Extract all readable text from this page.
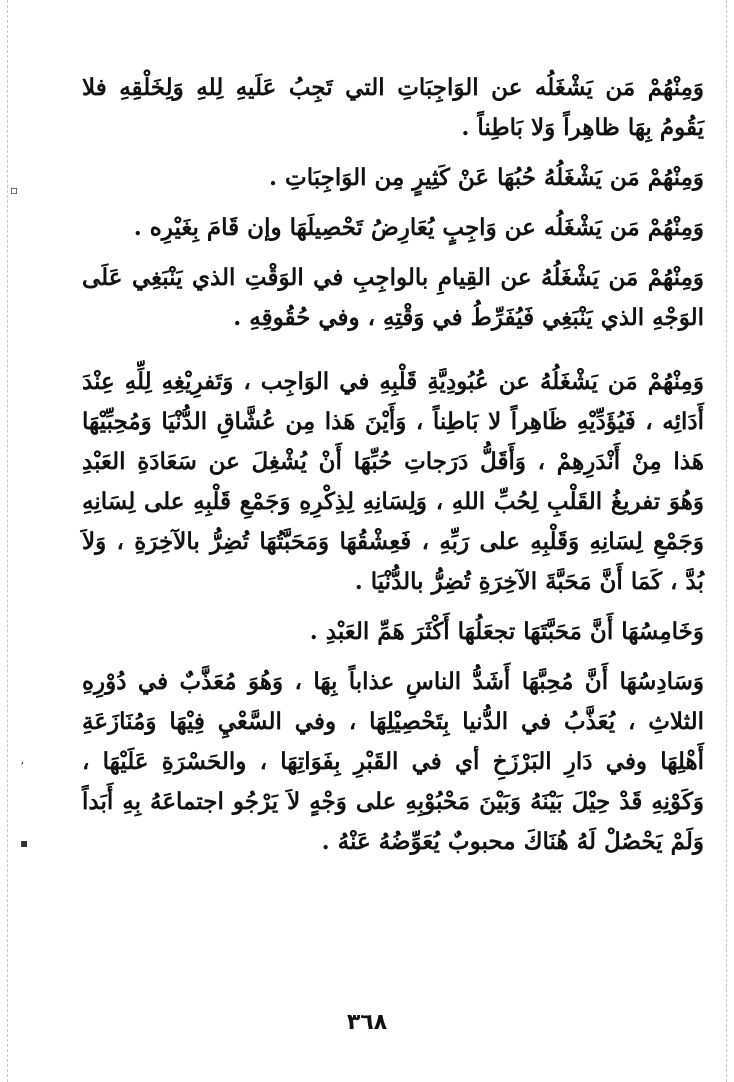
▫
ʼ
▪

وَمِنْهُمْ مَن يَشْغَلُه عن الوَاجِبَاتِ التي تَجِبُ عَلَيهِ لِلهِ وَلِخَلْقِهِ فلا يَقُومُ بِهَا ظاهِراً وَلا بَاطِناً .

وَمِنْهُمْ مَن يَشْغَلُهُ حُبُهَا عَنْ كَثِيرٍ مِن الوَاجِبَاتِ .

وَمِنْهُمْ مَن يَشْغَلُه عن وَاجِبٍ يُعَارِضُ تَحْصِيلَهَا وإن قَامَ بِغَيْرِه .

وَمِنْهُمْ مَن يَشْغَلُهُ عن القِيامِ بالواجِبِ في الوَقْتِ الذي يَنْبَغِي عَلَى الوَجْهِ الذي يَنْبَغِي فَيُفَرِّطُ في وَقْتِهِ ، وفي حُقُوقِهِ .

وَمِنْهُمْ مَن يَشْغَلُهُ عن عُبُودِيَّةِ قَلْبِهِ في الوَاجِب ، وَتَفرِيْغِهِ لِلِّهِ عِنْدَ أَدَائِه ، فَيُؤَدِّيْهِ ظَاهِراً لا بَاطِناً ، وَأَيْنَ هَذا مِن عُشَّاقِ الدُّنْيَا وَمُحِبِّيْهَا هَذا مِنْ أَنْدَرِهِمْ ، وَأَقَلُّ دَرَجاتِ حُبِّهَا أَنْ يُشْغِلَ عن سَعَادَةِ العَبْدِ وَهُوَ تفريغُ القَلْبِ لِحُبِّ اللهِ ، وَلِسَانِهِ لِذِكْرِهِ وَجَمْعِ قَلْبِهِ على لِسَانِهِ وَجَمْعِ لِسَانِهِ وَقَلْبِهِ على رَبِّهِ ، فَعِشْقُهَا وَمَحَبَّتُهَا تُضِرُّ بالآخِرَةِ ، وَلاَ بُدَّ ، كَمَا أَنَّ مَحَبَّةَ الآخِرَةِ تُضِرُّ بالدُّنْيَا .

وَخَامِسُهَا أَنَّ مَحَبَّتَهَا تجعَلُهَا أَكْثَرَ هَمِّ العَبْدِ .

وَسَادِسُهَا أَنَّ مُحِبَّهَا أَشَدُّ الناسِ عذاباً بِهَا ، وَهُوَ مُعَذَّبٌ في دُوْرِهِ الثلاثِ ، يُعَذَّبُ في الدُّنيا بِتَحْصِيْلِهَا ، وفي السَّعْيِ فِيْهَا وَمُنَازَعَةِ أَهْلِهَا وفي دَارِ البَرْزَخِ أي في القَبْرِ بِفَوَاتِهَا ، والحَسْرَةِ عَلَيْهَا ، وَكَوْنِهِ قَدْ حِيْلَ بَيْنَهُ وَبَيْنَ مَحْبُوْبِهِ على وَجْهٍ لاَ يَرْجُو اجتماعَهُ بِهِ أَبَداً وَلَمْ يَحْصُلْ لَهُ هُنَاكَ محبوبٌ يُعَوِّضُهُ عَنْهُ .

٣٦٨
